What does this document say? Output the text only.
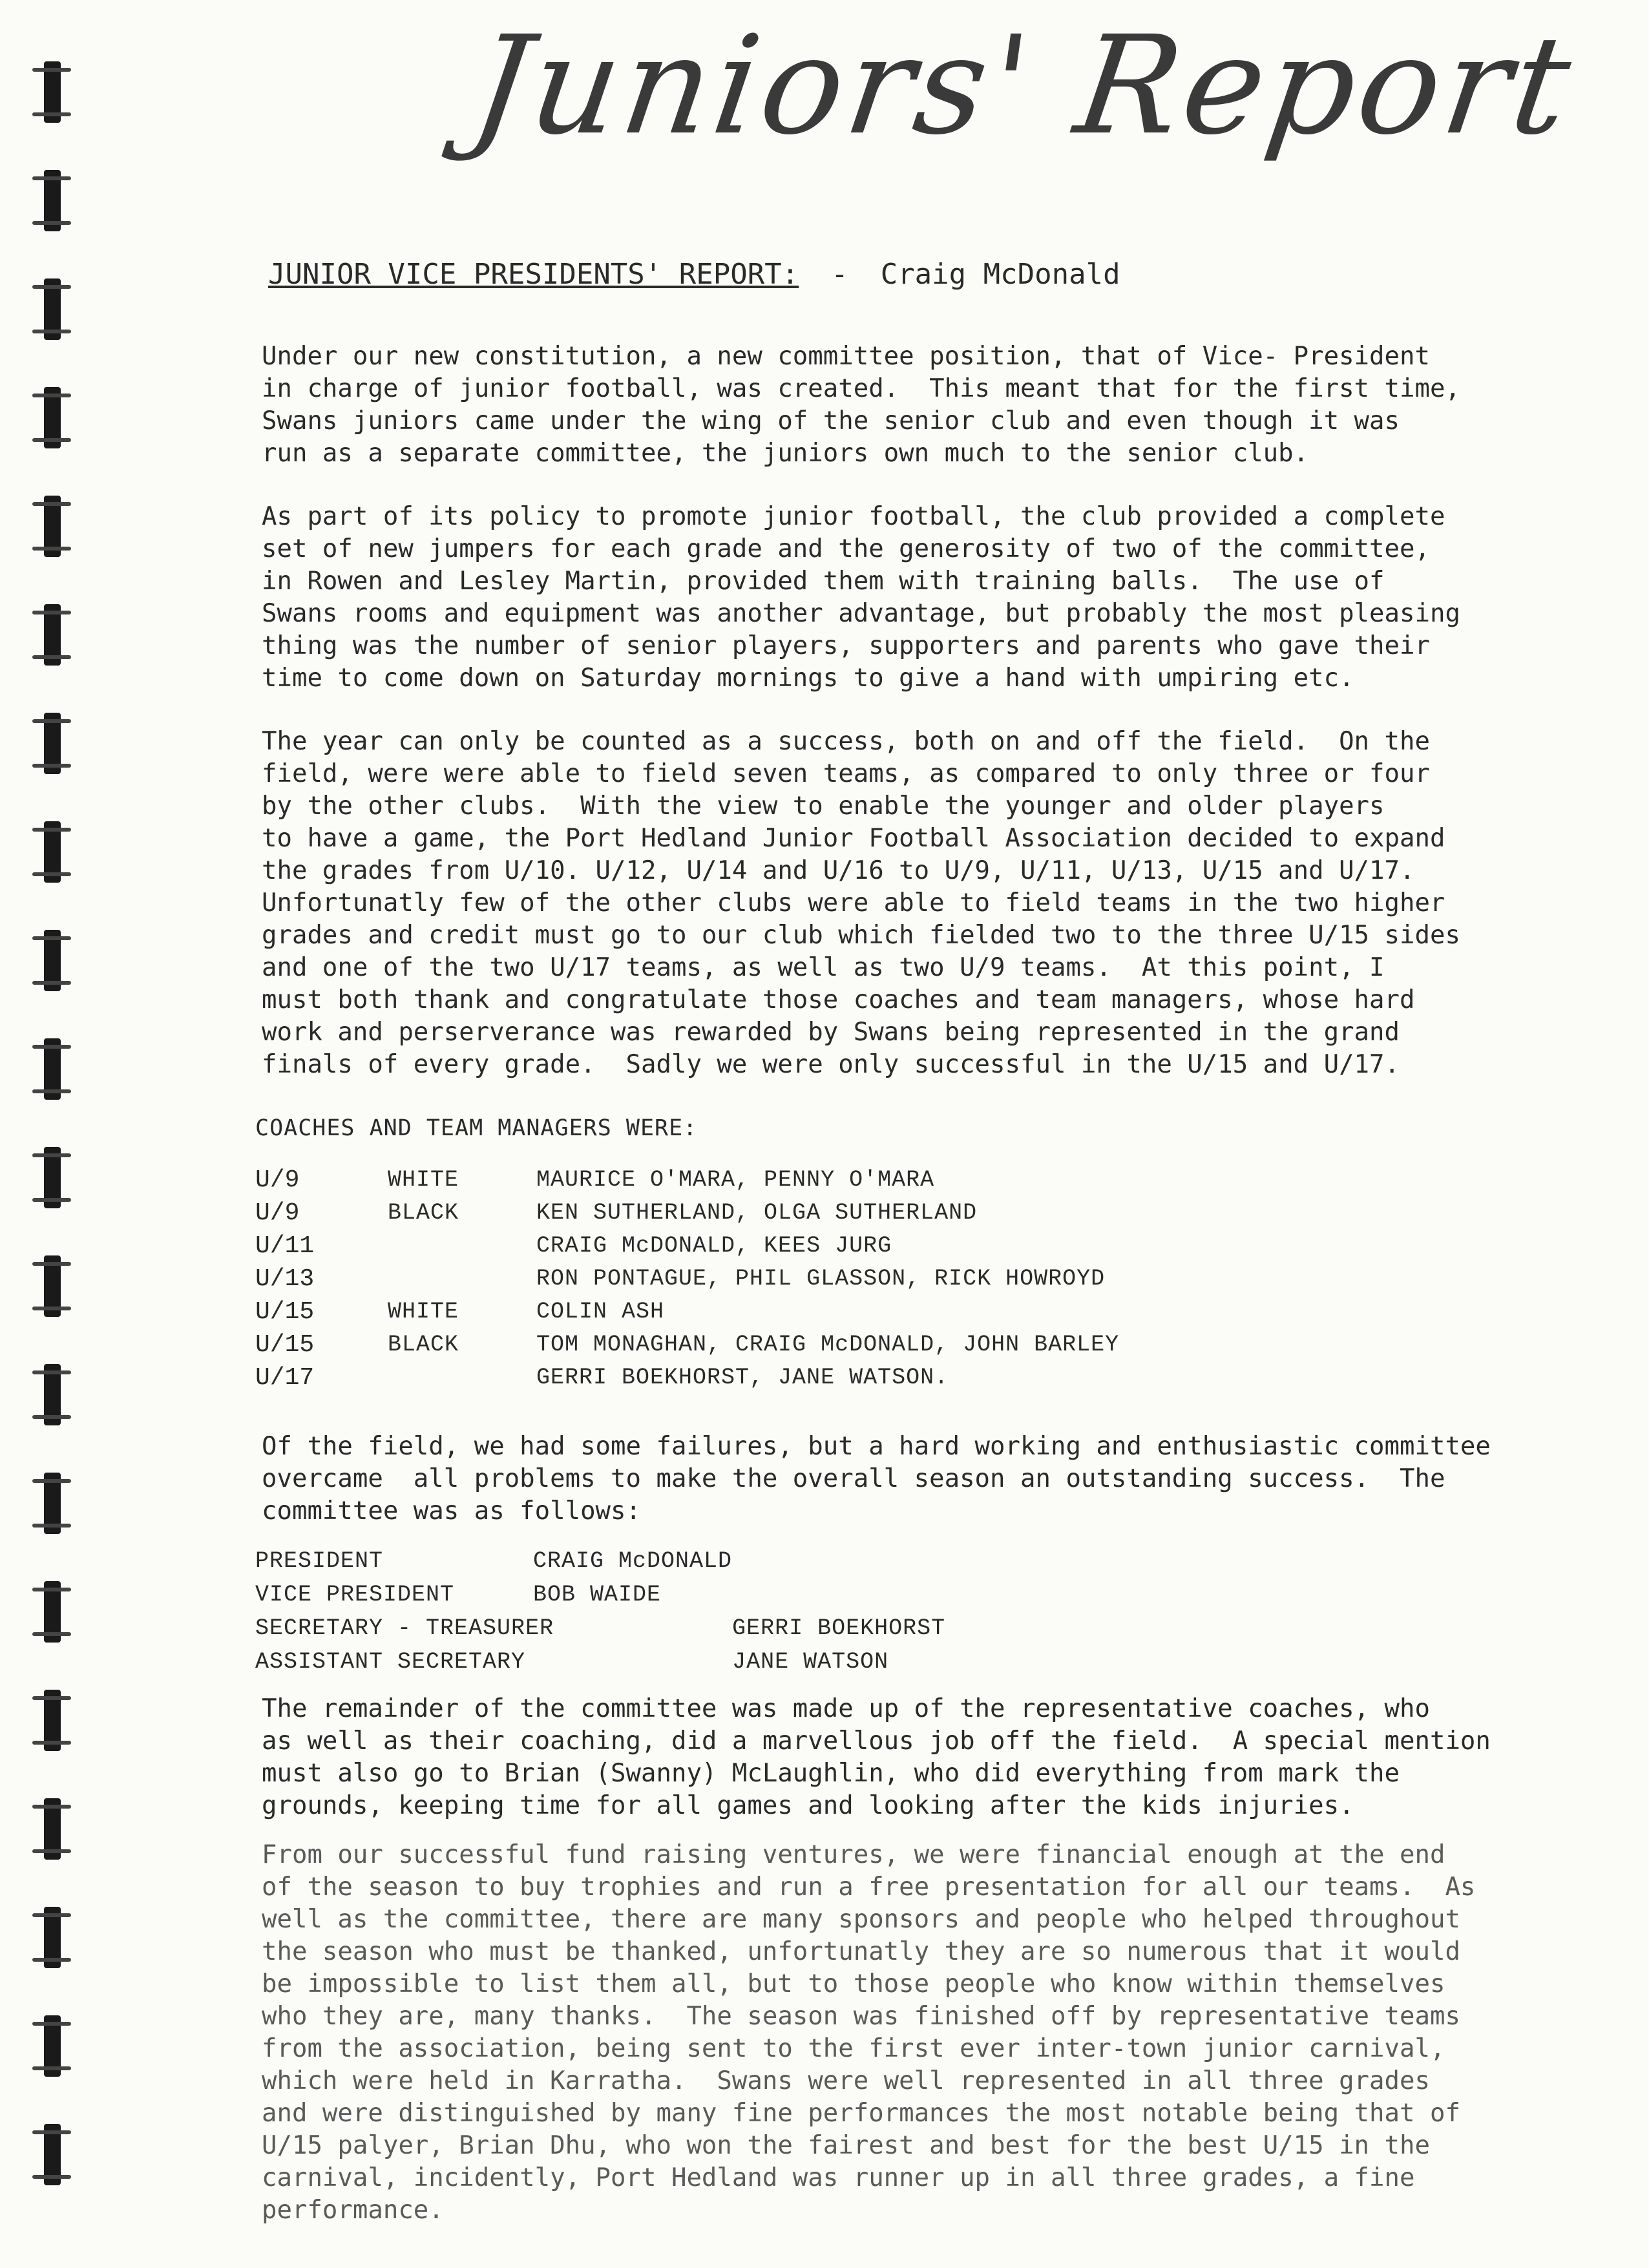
Juniors' Report
JUNIOR VICE PRESIDENTS' REPORT: - Craig McDonald
Under our new constitution, a new committee position, that of Vice- President
in charge of junior football, was created.  This meant that for the first time,
Swans juniors came under the wing of the senior club and even though it was
run as a separate committee, the juniors own much to the senior club.
As part of its policy to promote junior football, the club provided a complete
set of new jumpers for each grade and the generosity of two of the committee,
in Rowen and Lesley Martin, provided them with training balls.  The use of
Swans rooms and equipment was another advantage, but probably the most pleasing
thing was the number of senior players, supporters and parents who gave their
time to come down on Saturday mornings to give a hand with umpiring etc.
The year can only be counted as a success, both on and off the field.  On the
field, were were able to field seven teams, as compared to only three or four
by the other clubs.  With the view to enable the younger and older players
to have a game, the Port Hedland Junior Football Association decided to expand
the grades from U/10. U/12, U/14 and U/16 to U/9, U/11, U/13, U/15 and U/17.
Unfortunatly few of the other clubs were able to field teams in the two higher
grades and credit must go to our club which fielded two to the three U/15 sides
and one of the two U/17 teams, as well as two U/9 teams.  At this point, I
must both thank and congratulate those coaches and team managers, whose hard
work and perserverance was rewarded by Swans being represented in the grand
finals of every grade.  Sadly we were only successful in the U/15 and U/17.
COACHES AND TEAM MANAGERS WERE:
U/9	WHITE	MAURICE O'MARA, PENNY O'MARA
U/9	BLACK	KEN SUTHERLAND, OLGA SUTHERLAND
U/11		CRAIG McDONALD, KEES JURG
U/13		RON PONTAGUE, PHIL GLASSON, RICK HOWROYD
U/15	WHITE	COLIN ASH
U/15	BLACK	TOM MONAGHAN, CRAIG McDONALD, JOHN BARLEY
U/17		GERRI BOEKHORST, JANE WATSON.
Of the field, we had some failures, but a hard working and enthusiastic committee
overcame  all problems to make the overall season an outstanding success.  The
committee was as follows:
PRESIDENT	CRAIG McDONALD	
VICE PRESIDENT	BOB WAIDE	
SECRETARY - TREASURER		GERRI BOEKHORST
ASSISTANT SECRETARY		JANE WATSON
The remainder of the committee was made up of the representative coaches, who
as well as their coaching, did a marvellous job off the field.  A special mention
must also go to Brian (Swanny) McLaughlin, who did everything from mark the
grounds, keeping time for all games and looking after the kids injuries.
From our successful fund raising ventures, we were financial enough at the end
of the season to buy trophies and run a free presentation for all our teams.  As
well as the committee, there are many sponsors and people who helped throughout
the season who must be thanked, unfortunatly they are so numerous that it would
be impossible to list them all, but to those people who know within themselves
who they are, many thanks.  The season was finished off by representative teams
from the association, being sent to the first ever inter-town junior carnival,
which were held in Karratha.  Swans were well represented in all three grades
and were distinguished by many fine performances the most notable being that of
U/15 palyer, Brian Dhu, who won the fairest and best for the best U/15 in the
carnival, incidently, Port Hedland was runner up in all three grades, a fine
performance.
